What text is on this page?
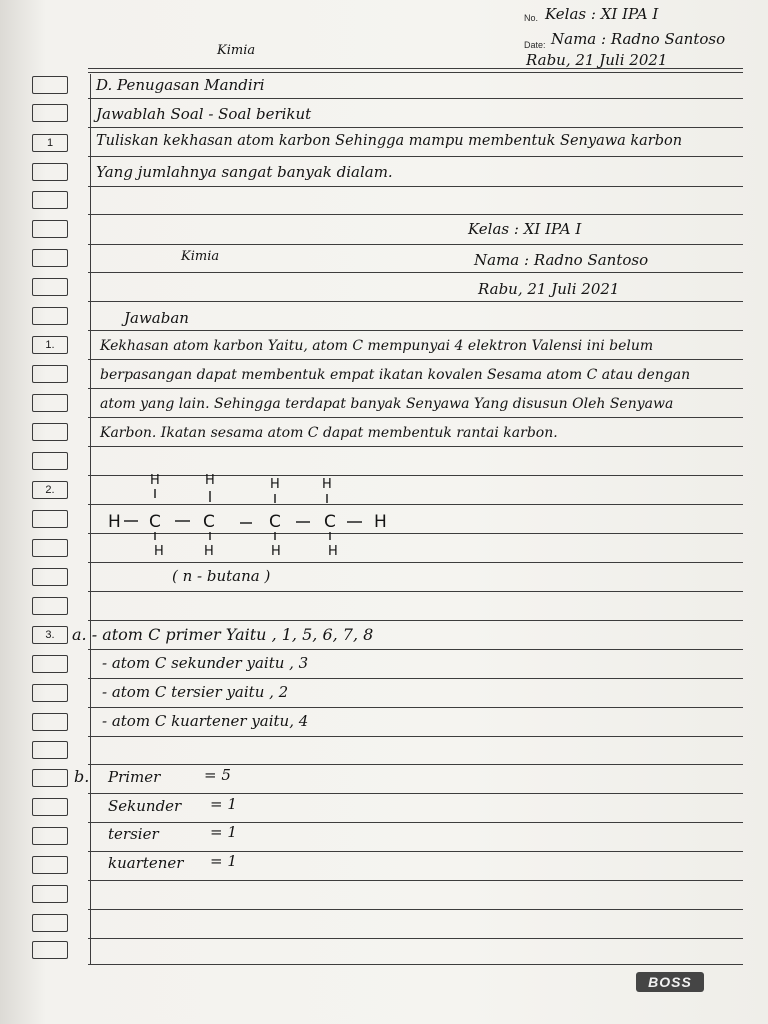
No. Kelas : XI IPA I
Date: Nama : Radno Santoso
Rabu, 21 Juli 2021
Kimia
1
1.
2.
3.
D. Penugasan Mandiri
Jawablah Soal - Soal berikut
Tuliskan kekhasan atom karbon Sehingga mampu membentuk Senyawa karbon
Yang jumlahnya sangat banyak dialam.
Kelas : XI IPA I
Kimia	Nama : Radno Santoso
Rabu, 21 Juli 2021
Jawaban
Kekhasan atom karbon Yaitu, atom C mempunyai 4 elektron Valensi ini belum
berpasangan dapat membentuk empat ikatan kovalen Sesama atom C atau dengan
atom yang lain. Sehingga terdapat banyak Senyawa Yang disusun Oleh Senyawa
Karbon. Ikatan sesama atom C dapat membentuk rantai karbon.
H	H	H	H
H C C	C	C H
H	H	H	H
( n - butana )
a. - atom C primer Yaitu , 1, 5, 6, 7, 8
- atom C sekunder yaitu , 3
- atom C tersier yaitu , 2
- atom C kuartener yaitu, 4
b. Primer	= 5
Sekunder = 1
tersier	= 1
kuartener = 1
BOSS
